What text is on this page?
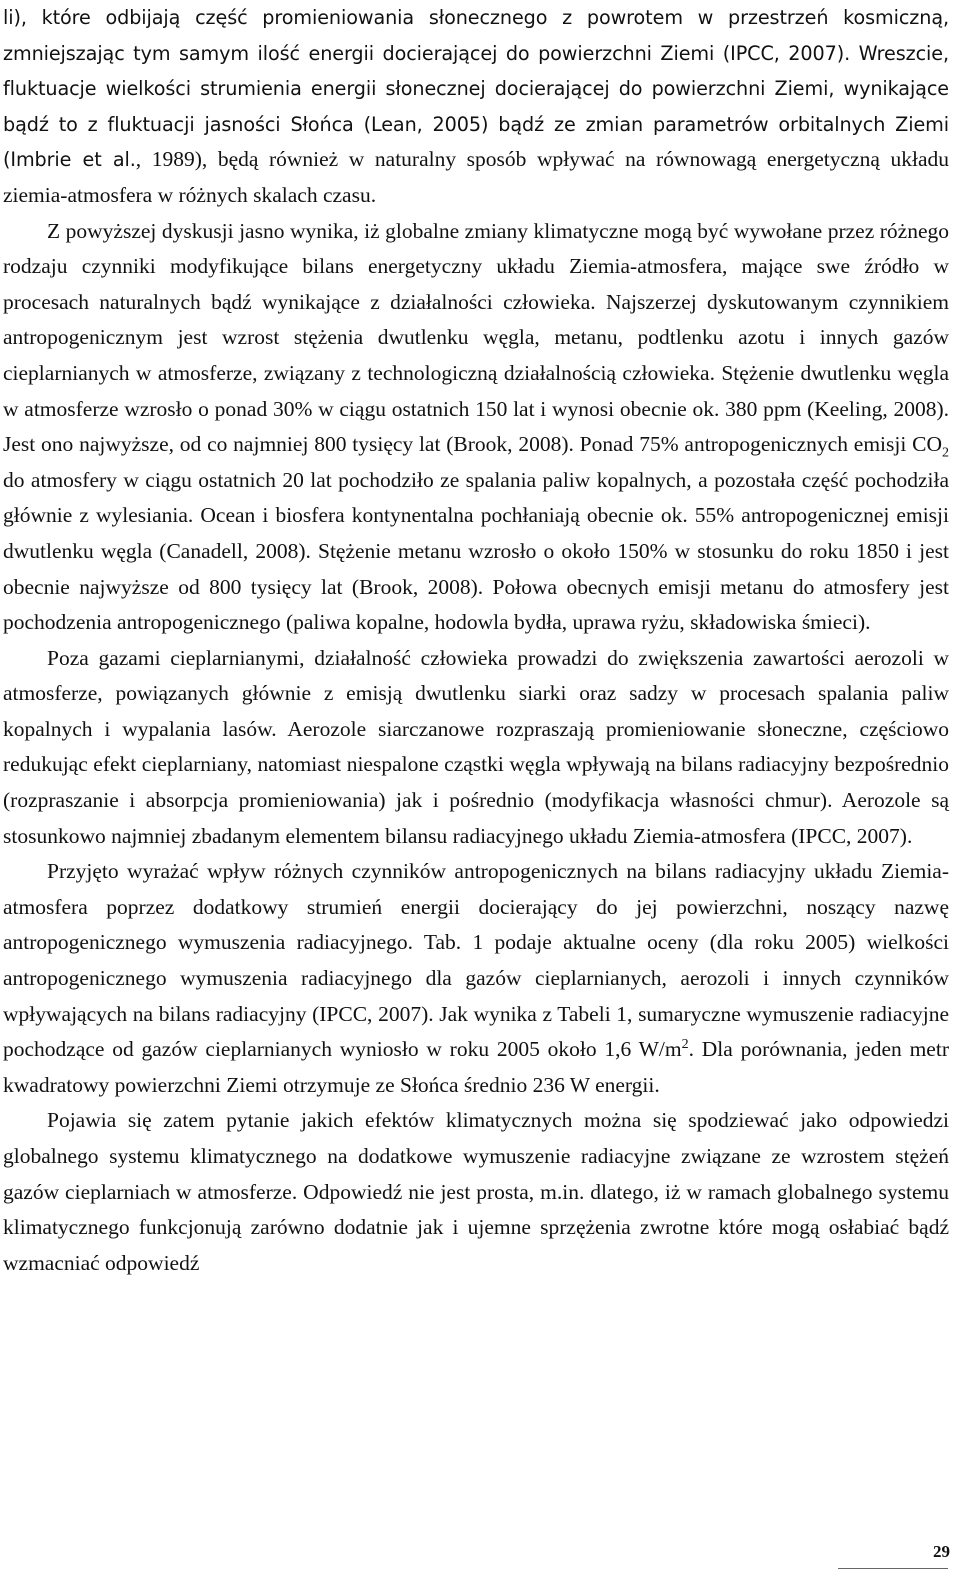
li), które odbijają część promieniowania słonecznego z powrotem w przestrzeń kosmiczną, zmniejszając tym samym ilość energii docierającej do powierzchni Ziemi (IPCC, 2007). Wreszcie, fluktuacje wielkości strumienia energii słonecznej docierającej do powierzchni Ziemi, wynikające bądź to z fluktuacji jasności Słońca (Lean, 2005) bądź ze zmian parametrów orbitalnych Ziemi (Imbrie et al., 1989), będą również w naturalny sposób wpływać na równowagą energetyczną układu ziemia-atmosfera w różnych skalach czasu.

Z powyższej dyskusji jasno wynika, iż globalne zmiany klimatyczne mogą być wywołane przez różnego rodzaju czynniki modyfikujące bilans energetyczny układu Ziemia-atmosfera, mające swe źródło w procesach naturalnych bądź wynikające z działalności człowieka. Najszerzej dyskutowanym czynnikiem antropogenicznym jest wzrost stężenia dwutlenku węgla, metanu, podtlenku azotu i innych gazów cieplarnianych w atmosferze, związany z technologiczną działalnością człowieka. Stężenie dwutlenku węgla w atmosferze wzrosło o ponad 30% w ciągu ostatnich 150 lat i wynosi obecnie ok. 380 ppm (Keeling, 2008). Jest ono najwyższe, od co najmniej 800 tysięcy lat (Brook, 2008). Ponad 75% antropogenicznych emisji $CO_2$ do atmosfery w ciągu ostatnich 20 lat pochodziło ze spalania paliw kopalnych, a pozostała część pochodziła głównie z wylesiania. Ocean i biosfera kontynentalna pochłaniają obecnie ok. 55% antropogenicznej emisji dwutlenku węgla (Canadell, 2008). Stężenie metanu wzrosło o około 150% w stosunku do roku 1850 i jest obecnie najwyższe od 800 tysięcy lat (Brook, 2008). Połowa obecnych emisji metanu do atmosfery jest pochodzenia antropogenicznego (paliwa kopalne, hodowla bydła, uprawa ryżu, składowiska śmieci).

Poza gazami cieplarnianymi, działalność człowieka prowadzi do zwiększenia zawartości aerozoli w atmosferze, powiązanych głównie z emisją dwutlenku siarki oraz sadzy w procesach spalania paliw kopalnych i wypalania lasów. Aerozole siarczanowe rozpraszają promieniowanie słoneczne, częściowo redukując efekt cieplarniany, natomiast niespalone cząstki węgla wpływają na bilans radiacyjny bezpośrednio (rozpraszanie i absorpcja promieniowania) jak i pośrednio (modyfikacja własności chmur). Aerozole są stosunkowo najmniej zbadanym elementem bilansu radiacyjnego układu Ziemia-atmosfera (IPCC, 2007).

Przyjęto wyrażać wpływ różnych czynników antropogenicznych na bilans radiacyjny układu Ziemia-atmosfera poprzez dodatkowy strumień energii docierający do jej powierzchni, noszący nazwę antropogenicznego wymuszenia radiacyjnego. Tab. 1 podaje aktualne oceny (dla roku 2005) wielkości antropogenicznego wymuszenia radiacyjnego dla gazów cieplarnianych, aerozoli i innych czynników wpływających na bilans radiacyjny (IPCC, 2007). Jak wynika z Tabeli 1, sumaryczne wymuszenie radiacyjne pochodzące od gazów cieplarnianych wyniosło w roku 2005 około 1,6 $W/m^2$. Dla porównania, jeden metr kwadratowy powierzchni Ziemi otrzymuje ze Słońca średnio 236 W energii.

Pojawia się zatem pytanie jakich efektów klimatycznych można się spodziewać jako odpowiedzi globalnego systemu klimatycznego na dodatkowe wymuszenie radiacyjne związane ze wzrostem stężeń gazów cieplarniach w atmosferze. Odpowiedź nie jest prosta, m.in. dlatego, iż w ramach globalnego systemu klimatycznego funkcjonują zarówno dodatnie jak i ujemne sprzężenia zwrotne które mogą osłabiać bądź wzmacniać odpowiedź

29
